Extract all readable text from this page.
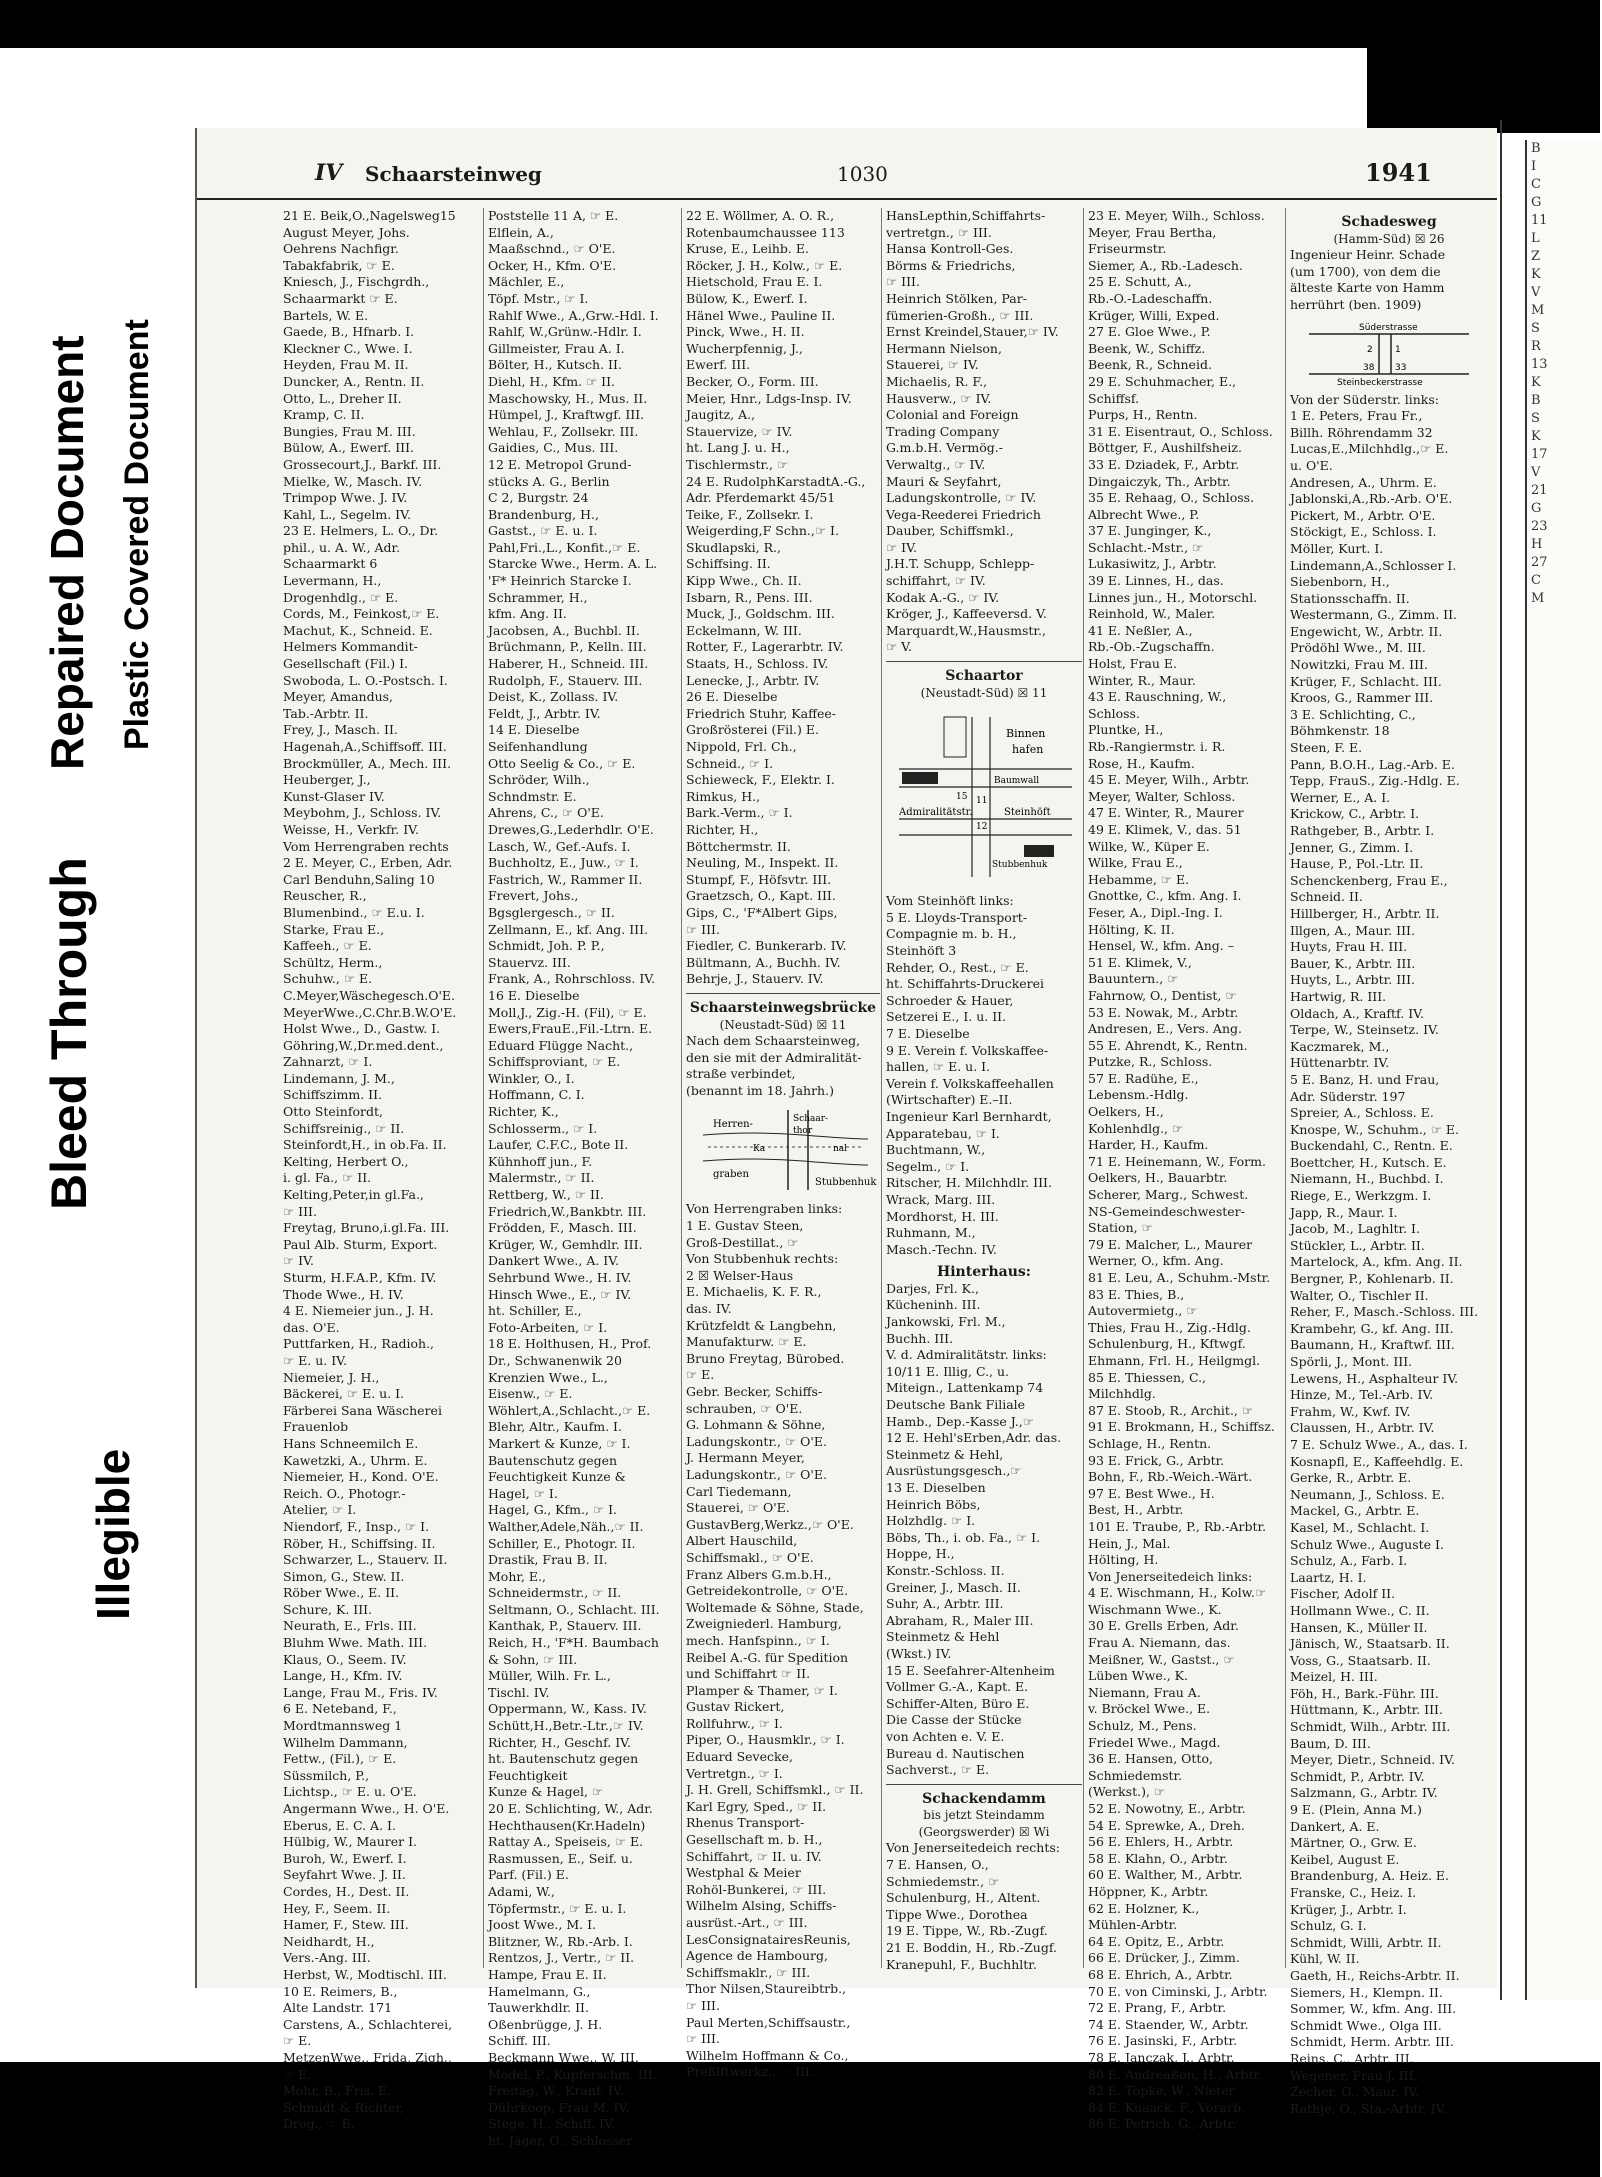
Repaired Document Plastic Covered Document
Bleed Through
Illegible
B
I
C
G
11
L
Z
K
V
M
S
R
13
K
B
S
K
17
V
21
G
23
H
27
C
M
IV Schaarsteinweg	1030	1941
21 E. Beik,O.,Nagelsweg15
August Meyer, Johs.
Oehrens Nachfigr.
Tabakfabrik, ☞ E.
Kniesch, J., Fischgrdh.,
Schaarmarkt ☞ E.
Bartels, W. E.
Gaede, B., Hfnarb. I.
Kleckner C., Wwe. I.
Heyden, Frau M. II.
Duncker, A., Rentn. II.
Otto, L., Dreher II.
Kramp, C. II.
Bungies, Frau M. III.
Bülow, A., Ewerf. III.
Grossecourt,J., Barkf. III.
Mielke, W., Masch. IV.
Trimpop Wwe. J. IV.
Kahl, L., Segelm. IV.
23 E. Helmers, L. O., Dr.
phil., u. A. W., Adr.
Schaarmarkt 6
Levermann, H.,
Drogenhdlg., ☞ E.
Cords, M., Feinkost,☞ E.
Machut, K., Schneid. E.
Helmers Kommandit-
Gesellschaft (Fil.) I.
Swoboda, L. O.-Postsch. I.
Meyer, Amandus,
Tab.-Arbtr. II.
Frey, J., Masch. II.
Hagenah,A.,Schiffsoff. III.
Brockmüller, A., Mech. III.
Heuberger, J.,
Kunst-Glaser IV.
Meybohm, J., Schloss. IV.
Weisse, H., Verkfr. IV.
Vom Herrengraben rechts
2 E. Meyer, C., Erben, Adr.
Carl Benduhn,Saling 10
Reuscher, R.,
Blumenbind., ☞ E.u. I.
Starke, Frau E.,
Kaffeeh., ☞ E.
Schültz, Herm.,
Schuhw., ☞ E.
C.Meyer,Wäschegesch.O'E.
MeyerWwe.,C.Chr.B.W.O'E.
Holst Wwe., D., Gastw. I.
Göhring,W.,Dr.med.dent.,
Zahnarzt, ☞ I.
Lindemann, J. M.,
Schiffszimm. II.
Otto Steinfordt,
Schiffsreinig., ☞ II.
Steinfordt,H., in ob.Fa. II.
Kelting, Herbert O.,
i. gl. Fa., ☞ II.
Kelting,Peter,in gl.Fa.,
☞ III.
Freytag, Bruno,i.gl.Fa. III.
Paul Alb. Sturm, Export.
☞ IV.
Sturm, H.F.A.P., Kfm. IV.
Thode Wwe., H. IV.
4 E. Niemeier jun., J. H.
das. O'E.
Puttfarken, H., Radioh.,
☞ E. u. IV.
Niemeier, J. H.,
Bäckerei, ☞ E. u. I.
Färberei Sana Wäscherei
Frauenlob
Hans Schneemilch E.
Kawetzki, A., Uhrm. E.
Niemeier, H., Kond. O'E.
Reich. O., Photogr.-
Atelier, ☞ I.
Niendorf, F., Insp., ☞ I.
Röber, H., Schiffsing. II.
Schwarzer, L., Stauerv. II.
Simon, G., Stew. II.
Röber Wwe., E. II.
Schure, K. III.
Neurath, E., Frls. III.
Bluhm Wwe. Math. III.
Klaus, O., Seem. IV.
Lange, H., Kfm. IV.
Lange, Frau M., Fris. IV.
6 E. Neteband, F.,
Mordtmannsweg 1
Wilhelm Dammann,
Fettw., (Fil.), ☞ E.
Süssmilch, P.,
Lichtsp., ☞ E. u. O'E.
Angermann Wwe., H. O'E.
Eberus, E. C. A. I.
Hülbig, W., Maurer I.
Buroh, W., Ewerf. I.
Seyfahrt Wwe. J. II.
Cordes, H., Dest. II.
Hey, F., Seem. II.
Hamer, F., Stew. III.
Neidhardt, H.,
Vers.-Ang. III.
Herbst, W., Modtischl. III.
10 E. Reimers, B.,
Alte Landstr. 171
Carstens, A., Schlachterei,
☞ E.
MetzenWwe., Frida, Zigh.,
☞ E.
Mohr, B., Fris. E.
Schmidt & Richter,
Drog., ☞ E.
Poststelle 11 A, ☞ E.
Elflein, A.,
Maaßschnd., ☞ O'E.
Ocker, H., Kfm. O'E.
Mächler, E.,
Töpf. Mstr., ☞ I.
Rahlf Wwe., A.,Grw.-Hdl. I.
Rahlf, W.,Grünw.-Hdlr. I.
Gillmeister, Frau A. I.
Bölter, H., Kutsch. II.
Diehl, H., Kfm. ☞ II.
Maschowsky, H., Mus. II.
Hümpel, J., Kraftwgf. III.
Wehlau, F., Zollsekr. III.
Gaidies, C., Mus. III.
12 E. Metropol Grund-
stücks A. G., Berlin
C 2, Burgstr. 24
Brandenburg, H.,
Gastst., ☞ E. u. I.
Pahl,Fri.,L., Konfit.,☞ E.
Starcke Wwe., Herm. A. L.
'F* Heinrich Starcke I.
Schrammer, H.,
kfm. Ang. II.
Jacobsen, A., Buchbl. II.
Brüchmann, P., Kelln. III.
Haberer, H., Schneid. III.
Rudolph, F., Stauerv. III.
Deist, K., Zollass. IV.
Feldt, J., Arbtr. IV.
14 E. Dieselbe
Seifenhandlung
Otto Seelig & Co., ☞ E.
Schröder, Wilh.,
Schndmstr. E.
Ahrens, C., ☞ O'E.
Drewes,G.,Lederhdlr. O'E.
Lasch, W., Gef.-Aufs. I.
Buchholtz, E., Juw., ☞ I.
Fastrich, W., Rammer II.
Frevert, Johs.,
Bgsglergesch., ☞ II.
Zellmann, E., kf. Ang. III.
Schmidt, Joh. P. P.,
Stauervz. III.
Frank, A., Rohrschloss. IV.
16 E. Dieselbe
Moll,J., Zig.-H. (Fil), ☞ E.
Ewers,FrauE.,Fil.-Ltrn. E.
Eduard Flügge Nacht.,
Schiffsproviant, ☞ E.
Winkler, O., I.
Hoffmann, C. I.
Richter, K.,
Schlosserm., ☞ I.
Laufer, C.F.C., Bote II.
Kühnhoff jun., F.
Malermstr., ☞ II.
Rettberg, W., ☞ II.
Friedrich,W.,Bankbtr. III.
Frödden, F., Masch. III.
Krüger, W., Gemhdlr. III.
Dankert Wwe., A. IV.
Sehrbund Wwe., H. IV.
Hinsch Wwe., E., ☞ IV.
ht. Schiller, E.,
Foto-Arbeiten, ☞ I.
18 E. Holthusen, H., Prof.
Dr., Schwanenwik 20
Krenzien Wwe., L.,
Eisenw., ☞ E.
Wöhlert,A.,Schlacht.,☞ E.
Blehr, Altr., Kaufm. I.
Markert & Kunze, ☞ I.
Bautenschutz gegen
Feuchtigkeit Kunze &
Hagel, ☞ I.
Hagel, G., Kfm., ☞ I.
Walther,Adele,Näh.,☞ II.
Schiller, E., Photogr. II.
Drastik, Frau B. II.
Mohr, E.,
Schneidermstr., ☞ II.
Seltmann, O., Schlacht. III.
Kanthak, P., Stauerv. III.
Reich, H., 'F*H. Baumbach
& Sohn, ☞ III.
Müller, Wilh. Fr. L.,
Tischl. IV.
Oppermann, W., Kass. IV.
Schütt,H.,Betr.-Ltr.,☞ IV.
Richter, H., Geschf. IV.
ht. Bautenschutz gegen
Feuchtigkeit
Kunze & Hagel, ☞
20 E. Schlichting, W., Adr.
Hechthausen(Kr.Hadeln)
Rattay A., Speiseis, ☞ E.
Rasmussen, E., Seif. u.
Parf. (Fil.) E.
Adami, W.,
Töpfermstr., ☞ E. u. I.
Joost Wwe., M. I.
Blitzner, W., Rb.-Arb. I.
Rentzos, J., Vertr., ☞ II.
Hampe, Frau E. II.
Hamelmann, G.,
Tauwerkhdlr. II.
Oßenbrügge, J. H.
Schiff. III.
Beckmann Wwe., W. III.
Model, P., Kupferschm. III.
Freitag, W., Kranf. IV.
Dührkoop, Frau M. IV.
Stege, H., Schiff. IV.
ht. Jäger, O., Schlosser
22 E. Wöllmer, A. O. R.,
Rotenbaumchaussee 113
Kruse, E., Leihb. E.
Röcker, J. H., Kolw., ☞ E.
Hietschold, Frau E. I.
Bülow, K., Ewerf. I.
Hänel Wwe., Pauline II.
Pinck, Wwe., H. II.
Wucherpfennig, J.,
Ewerf. III.
Becker, O., Form. III.
Meier, Hnr., Ldgs-Insp. IV.
Jaugitz, A.,
Stauervize, ☞ IV.
ht. Lang J. u. H.,
Tischlermstr., ☞
24 E. RudolphKarstadtA.-G.,
Adr. Pferdemarkt 45/51
Teike, F., Zollsekr. I.
Weigerding,F Schn.,☞ I.
Skudlapski, R.,
Schiffsing. II.
Kipp Wwe., Ch. II.
Isbarn, R., Pens. III.
Muck, J., Goldschm. III.
Eckelmann, W. III.
Rotter, F., Lagerarbtr. IV.
Staats, H., Schloss. IV.
Lenecke, J., Arbtr. IV.
26 E. Dieselbe
Friedrich Stuhr, Kaffee-
Großrösterei (Fil.) E.
Nippold, Frl. Ch.,
Schneid., ☞ I.
Schieweck, F., Elektr. I.
Rimkus, H.,
Bark.-Verm., ☞ I.
Richter, H.,
Böttchermstr. II.
Neuling, M., Inspekt. II.
Stumpf, F., Höfsvtr. III.
Graetzsch, O., Kapt. III.
Gips, C., 'F*Albert Gips,
☞ III.
Fiedler, C. Bunkerarb. IV.
Bültmann, A., Buchh. IV.
Behrje, J., Stauerv. IV.
Schaarsteinwegsbrücke
(Neustadt-Süd) ☒ 11
Nach dem Schaarsteinweg,
den sie mit der Admiralität-
straße verbindet,
(benannt im 18. Jahrh.)
Herren-
graben
Stubbenhuk
Schaar-
thor
Ka	nal
Von Herrengraben links:
1 E. Gustav Steen,
Groß-Destillat., ☞
Von Stubbenhuk rechts:
2 ☒ Welser-Haus
E. Michaelis, K. F. R.,
das. IV.
Krützfeldt & Langbehn,
Manufakturw. ☞ E.
Bruno Freytag, Bürobed.
☞ E.
Gebr. Becker, Schiffs-
schrauben, ☞ O'E.
G. Lohmann & Söhne,
Ladungskontr., ☞ O'E.
J. Hermann Meyer,
Ladungskontr., ☞ O'E.
Carl Tiedemann,
Stauerei, ☞ O'E.
GustavBerg,Werkz.,☞ O'E.
Albert Hauschild,
Schiffsmakl., ☞ O'E.
Franz Albers G.m.b.H.,
Getreidekontrolle, ☞ O'E.
Woltemade & Söhne, Stade,
Zweigniederl. Hamburg,
mech. Hanfspinn., ☞ I.
Reibel A.-G. für Spedition
und Schiffahrt ☞ II.
Plamper & Thamer, ☞ I.
Gustav Rickert,
Rollfuhrw., ☞ I.
Piper, O., Hausmklr., ☞ I.
Eduard Sevecke,
Vertretgn., ☞ I.
J. H. Grell, Schiffsmkl., ☞ II.
Karl Egry, Sped., ☞ II.
Rhenus Transport-
Gesellschaft m. b. H.,
Schiffahrt, ☞ II. u. IV.
Westphal & Meier
Rohöl-Bunkerei, ☞ III.
Wilhelm Alsing, Schiffs-
ausrüst.-Art., ☞ III.
LesConsignatairesReunis,
Agence de Hambourg,
Schiffsmaklr., ☞ III.
Thor Nilsen,Staureibtrb.,
☞ III.
Paul Merten,Schiffsaustr.,
☞ III.
Wilhelm Hoffmann & Co.,
Preßlftwerkz., ☞ III.
HansLepthin,Schiffahrts-
vertretgn., ☞ III.
Hansa Kontroll-Ges.
Börms & Friedrichs,
☞ III.
Heinrich Stölken, Par-
fümerien-Großh., ☞ III.
Ernst Kreindel,Stauer,☞ IV.
Hermann Nielson,
Stauerei, ☞ IV.
Michaelis, R. F.,
Hausverw., ☞ IV.
Colonial and Foreign
Trading Company
G.m.b.H. Vermög.-
Verwaltg., ☞ IV.
Mauri & Seyfahrt,
Ladungskontrolle, ☞ IV.
Vega-Reederei Friedrich
Dauber, Schiffsmkl.,
☞ IV.
J.H.T. Schupp, Schlepp-
schiffahrt, ☞ IV.
Kodak A.-G., ☞ IV.
Kröger, J., Kaffeeversd. V.
Marquardt,W.,Hausmstr.,
☞ V.
Schaartor
(Neustadt-Süd) ☒ 11
Binnen
hafen
Admiralitätstr.	Steinhöft
Baumwall
Stubbenhuk
11
12
15
Vom Steinhöft links:
5 E. Lloyds-Transport-
Compagnie m. b. H.,
Steinhöft 3
Rehder, O., Rest., ☞ E.
ht. Schiffahrts-Druckerei
Schroeder & Hauer,
Setzerei E., I. u. II.
7 E. Dieselbe
9 E. Verein f. Volkskaffee-
hallen, ☞ E. u. I.
Verein f. Volkskaffeehallen
(Wirtschafter) E.–II.
Ingenieur Karl Bernhardt,
Apparatebau, ☞ I.
Buchtmann, W.,
Segelm., ☞ I.
Ritscher, H. Milchhdlr. III.
Wrack, Marg. III.
Mordhorst, H. III.
Ruhmann, M.,
Masch.-Techn. IV.
Hinterhaus:
Darjes, Frl. K.,
Kücheninh. III.
Jankowski, Frl. M.,
Buchh. III.
V. d. Admiralitätstr. links:
10/11 E. Illig, C., u.
Miteign., Lattenkamp 74
Deutsche Bank Filiale
Hamb., Dep.-Kasse J.,☞
12 E. Hehl'sErben,Adr. das.
Steinmetz & Hehl,
Ausrüstungsgesch.,☞
13 E. Dieselben
Heinrich Böbs,
Holzhdlg. ☞ I.
Böbs, Th., i. ob. Fa., ☞ I.
Hoppe, H.,
Konstr.-Schloss. II.
Greiner, J., Masch. II.
Suhr, A., Arbtr. III.
Abraham, R., Maler III.
Steinmetz & Hehl
(Wkst.) IV.
15 E. Seefahrer-Altenheim
Vollmer G.-A., Kapt. E.
Schiffer-Alten, Büro E.
Die Casse der Stücke
von Achten e. V. E.
Bureau d. Nautischen
Sachverst., ☞ E.
Schackendamm
bis jetzt Steindamm
(Georgswerder) ☒ Wi
Von Jenerseitedeich rechts:
7 E. Hansen, O.,
Schmiedemstr., ☞
Schulenburg, H., Altent.
Tippe Wwe., Dorothea
19 E. Tippe, W., Rb.-Zugf.
21 E. Boddin, H., Rb.-Zugf.
Kranepuhl, F., Buchhltr.
23 E. Meyer, Wilh., Schloss.
Meyer, Frau Bertha,
Friseurmstr.
Siemer, A., Rb.-Ladesch.
25 E. Schutt, A.,
Rb.-O.-Ladeschaffn.
Krüger, Willi, Exped.
27 E. Gloe Wwe., P.
Beenk, W., Schiffz.
Beenk, R., Schneid.
29 E. Schuhmacher, E.,
Schiffsf.
Purps, H., Rentn.
31 E. Eisentraut, O., Schloss.
Böttger, F., Aushilfsheiz.
33 E. Dziadek, F., Arbtr.
Dingaiczyk, Th., Arbtr.
35 E. Rehaag, O., Schloss.
Albrecht Wwe., P.
37 E. Junginger, K.,
Schlacht.-Mstr., ☞
Lukasiwitz, J., Arbtr.
39 E. Linnes, H., das.
Linnes jun., H., Motorschl.
Reinhold, W., Maler.
41 E. Neßler, A.,
Rb.-Ob.-Zugschaffn.
Holst, Frau E.
Winter, R., Maur.
43 E. Rauschning, W.,
Schloss.
Pluntke, H.,
Rb.-Rangiermstr. i. R.
Rose, H., Kaufm.
45 E. Meyer, Wilh., Arbtr.
Meyer, Walter, Schloss.
47 E. Winter, R., Maurer
49 E. Klimek, V., das. 51
Wilke, W., Küper E.
Wilke, Frau E.,
Hebamme, ☞ E.
Gnottke, C., kfm. Ang. I.
Feser, A., Dipl.-Ing. I.
Hölting, K. II.
Hensel, W., kfm. Ang. –
51 E. Klimek, V.,
Bauuntern., ☞
Fahrnow, O., Dentist, ☞
53 E. Nowak, M., Arbtr.
Andresen, E., Vers. Ang.
55 E. Ahrendt, K., Rentn.
Putzke, R., Schloss.
57 E. Radühe, E.,
Lebensm.-Hdlg.
Oelkers, H.,
Kohlenhdlg., ☞
Harder, H., Kaufm.
71 E. Heinemann, W., Form.
Oelkers, H., Bauarbtr.
Scherer, Marg., Schwest.
NS-Gemeindeschwester-
Station, ☞
79 E. Malcher, L., Maurer
Werner, O., kfm. Ang.
81 E. Leu, A., Schuhm.-Mstr.
83 E. Thies, B.,
Autovermietg., ☞
Thies, Frau H., Zig.-Hdlg.
Schulenburg, H., Kftwgf.
Ehmann, Frl. H., Heilgmgl.
85 E. Thiessen, C.,
Milchhdlg.
87 E. Stoob, R., Archit., ☞
91 E. Brokmann, H., Schiffsz.
Schlage, H., Rentn.
93 E. Frick, G., Arbtr.
Bohn, F., Rb.-Weich.-Wärt.
97 E. Best Wwe., H.
Best, H., Arbtr.
101 E. Traube, P., Rb.-Arbtr.
Hein, J., Mal.
Hölting, H.
Von Jenerseitedeich links:
4 E. Wischmann, H., Kolw.☞
Wischmann Wwe., K.
30 E. Grells Erben, Adr.
Frau A. Niemann, das.
Meißner, W., Gastst., ☞
Lüben Wwe., K.
Niemann, Frau A.
v. Bröckel Wwe., E.
Schulz, M., Pens.
Friedel Wwe., Magd.
36 E. Hansen, Otto,
Schmiedemstr.
(Werkst.), ☞
52 E. Nowotny, E., Arbtr.
54 E. Sprewke, A., Dreh.
56 E. Ehlers, H., Arbtr.
58 E. Klahn, O., Arbtr.
60 E. Walther, M., Arbtr.
Höppner, K., Arbtr.
62 E. Holzner, K.,
Mühlen-Arbtr.
64 E. Opitz, E., Arbtr.
66 E. Drücker, J., Zimm.
68 E. Ehrich, A., Arbtr.
70 E. von Ciminski, J., Arbtr.
72 E. Prang, F., Arbtr.
74 E. Staender, W., Arbtr.
76 E. Jasinski, F., Arbtr.
78 E. Janczak, J., Arbtr.
80 E. Andreaßon, H., Arbtr.
82 E. Töpke, W., Nieter
84 E. Kuaack, F., Vorarb.
86 E. Petrich, G., Arbtr.
Schadesweg
(Hamm-Süd) ☒ 26
Ingenieur Heinr. Schade
(um 1700), von dem die
älteste Karte von Hamm
herrührt (ben. 1909)
Süderstrasse
Steinbeckerstrasse
2 1
38 33
Von der Süderstr. links:
1 E. Peters, Frau Fr.,
Billh. Röhrendamm 32
Lucas,E.,Milchhdlg.,☞ E.
u. O'E.
Andresen, A., Uhrm. E.
Jablonski,A.,Rb.-Arb. O'E.
Pickert, M., Arbtr. O'E.
Stöckigt, E., Schloss. I.
Möller, Kurt. I.
Lindemann,A.,Schlosser I.
Siebenborn, H.,
Stationsschaffn. II.
Westermann, G., Zimm. II.
Engewicht, W., Arbtr. II.
Prödöhl Wwe., M. III.
Nowitzki, Frau M. III.
Krüger, F., Schlacht. III.
Kroos, G., Rammer III.
3 E. Schlichting, C.,
Böhmkenstr. 18
Steen, F. E.
Pann, B.O.H., Lag.-Arb. E.
Tepp, FrauS., Zig.-Hdlg. E.
Werner, E., A. I.
Krickow, C., Arbtr. I.
Rathgeber, B., Arbtr. I.
Jenner, G., Zimm. I.
Hause, P., Pol.-Ltr. II.
Schenckenberg, Frau E.,
Schneid. II.
Hillberger, H., Arbtr. II.
Illgen, A., Maur. III.
Huyts, Frau H. III.
Bauer, K., Arbtr. III.
Huyts, L., Arbtr. III.
Hartwig, R. III.
Oldach, A., Kraftf. IV.
Terpe, W., Steinsetz. IV.
Kaczmarek, M.,
Hüttenarbtr. IV.
5 E. Banz, H. und Frau,
Adr. Süderstr. 197
Spreier, A., Schloss. E.
Knospe, W., Schuhm., ☞ E.
Buckendahl, C., Rentn. E.
Boettcher, H., Kutsch. E.
Niemann, H., Buchbd. I.
Riege, E., Werkzgm. I.
Japp, R., Maur. I.
Jacob, M., Laghltr. I.
Stückler, L., Arbtr. II.
Martelock, A., kfm. Ang. II.
Bergner, P., Kohlenarb. II.
Walter, O., Tischler II.
Reher, F., Masch.-Schloss. III.
Krambehr, G., kf. Ang. III.
Baumann, H., Kraftwf. III.
Spörli, J., Mont. III.
Lewens, H., Asphalteur IV.
Hinze, M., Tel.-Arb. IV.
Frahm, W., Kwf. IV.
Claussen, H., Arbtr. IV.
7 E. Schulz Wwe., A., das. I.
Kosnapfl, E., Kaffeehdlg. E.
Gerke, R., Arbtr. E.
Neumann, J., Schloss. E.
Mackel, G., Arbtr. E.
Kasel, M., Schlacht. I.
Schulz Wwe., Auguste I.
Schulz, A., Farb. I.
Laartz, H. I.
Fischer, Adolf II.
Hollmann Wwe., C. II.
Hansen, K., Müller II.
Jänisch, W., Staatsarb. II.
Voss, G., Staatsarb. II.
Meizel, H. III.
Föh, H., Bark.-Führ. III.
Hüttmann, K., Arbtr. III.
Schmidt, Wilh., Arbtr. III.
Baum, D. III.
Meyer, Dietr., Schneid. IV.
Schmidt, P., Arbtr. IV.
Salzmann, G., Arbtr. IV.
9 E. (Plein, Anna M.)
Dankert, A. E.
Märtner, O., Grw. E.
Keibel, August E.
Brandenburg, A. Heiz. E.
Franske, C., Heiz. I.
Krüger, J., Arbtr. I.
Schulz, G. I.
Schmidt, Willi, Arbtr. II.
Kühl, W. II.
Gaeth, H., Reichs-Arbtr. II.
Siemers, H., Klempn. II.
Sommer, W., kfm. Ang. III.
Schmidt Wwe., Olga III.
Schmidt, Herm. Arbtr. III.
Reins, C., Arbtr. III.
Wegener, Frau J. III.
Zecher, O., Maur. IV.
Rathje, O., Sta.-Arbtr. IV.
